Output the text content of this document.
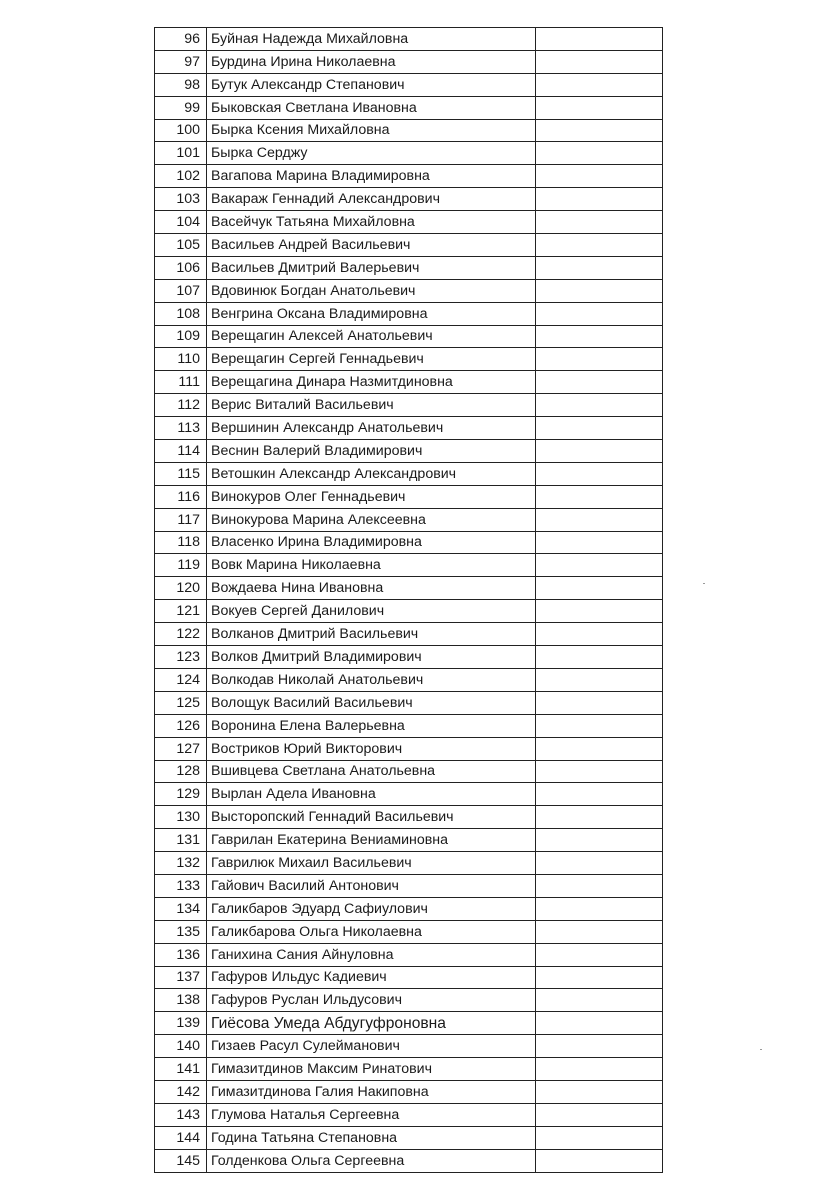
96	Буйная Надежда Михайловна	
97	Бурдина Ирина Николаевна	
98	Бутук Александр Степанович	
99	Быковская Светлана Ивановна	
100	Бырка Ксения Михайловна	
101	Бырка Серджу	
102	Вагапова Марина Владимировна	
103	Вакараж Геннадий Александрович	
104	Васейчук Татьяна Михайловна	
105	Васильев Андрей Васильевич	
106	Васильев Дмитрий Валерьевич	
107	Вдовинюк Богдан Анатольевич	
108	Венгрина Оксана Владимировна	
109	Верещагин Алексей Анатольевич	
110	Верещагин Сергей Геннадьевич	
111	Верещагина Динара Назмитдиновна	
112	Верис Виталий Васильевич	
113	Вершинин Александр Анатольевич	
114	Веснин Валерий Владимирович	
115	Ветошкин Александр Александрович	
116	Винокуров Олег Геннадьевич	
117	Винокурова Марина Алексеевна	
118	Власенко Ирина Владимировна	
119	Вовк Марина Николаевна	
120	Вождаева Нина Ивановна	
121	Вокуев Сергей Данилович	
122	Волканов Дмитрий Васильевич	
123	Волков Дмитрий Владимирович	
124	Волкодав Николай Анатольевич	
125	Волощук Василий Васильевич	
126	Воронина Елена Валерьевна	
127	Востриков Юрий Викторович	
128	Вшивцева Светлана Анатольевна	
129	Вырлан Адела Ивановна	
130	Высторопский Геннадий Васильевич	
131	Гаврилан Екатерина Вениаминовна	
132	Гаврилюк Михаил Васильевич	
133	Гайович Василий Антонович	
134	Галикбаров Эдуард Сафиулович	
135	Галикбарова Ольга Николаевна	
136	Ганихина Сания Айнуловна	
137	Гафуров Ильдус Кадиевич	
138	Гафуров Руслан Ильдусович	
139	Гиёсова Умеда Абдугуфроновна	
140	Гизаев Расул Сулейманович	
141	Гимазитдинов Максим Ринатович	
142	Гимазитдинова Галия Накиповна	
143	Глумова Наталья Сергеевна	
144	Година Татьяна Степановна	
145	Голденкова Ольга Сергеевна	
